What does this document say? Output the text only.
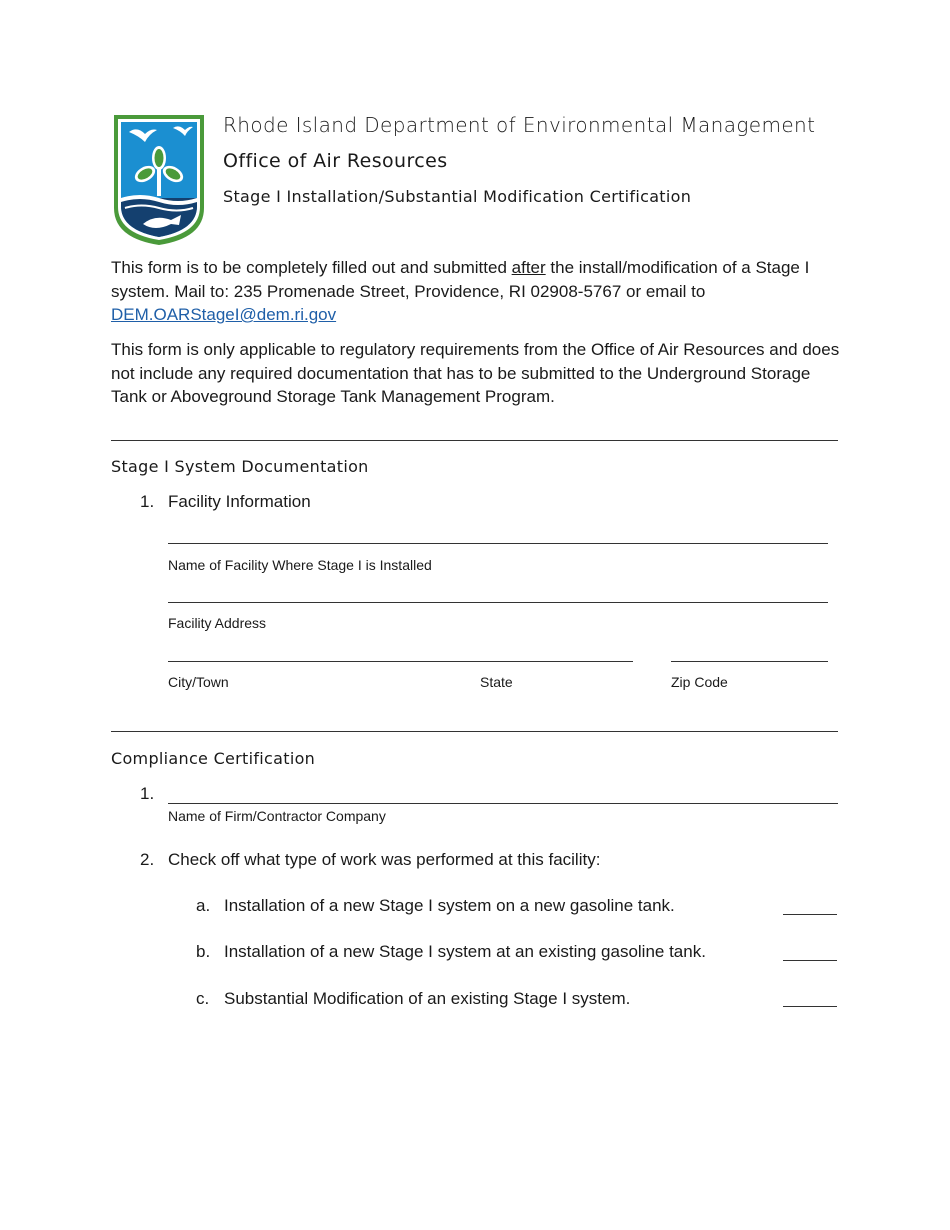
Rhode Island Department of Environmental Management
Office of Air Resources
Stage I Installation/Substantial Modification Certification
This form is to be completely filled out and submitted after the install/modification of a Stage I system. Mail to: 235 Promenade Street, Providence, RI 02908-5767 or email to
DEM.OARStageI@dem.ri.gov
This form is only applicable to regulatory requirements from the Office of Air Resources and does not include any required documentation that has to be submitted to the Underground Storage Tank or Aboveground Storage Tank Management Program.
Stage I System Documentation
1. Facility Information
Name of Facility Where Stage I is Installed
Facility Address
City/Town	State	Zip Code
Compliance Certification
1.
Name of Firm/Contractor Company
2. Check off what type of work was performed at this facility:
a. Installation of a new Stage I system on a new gasoline tank.
b. Installation of a new Stage I system at an existing gasoline tank.
c. Substantial Modification of an existing Stage I system.
